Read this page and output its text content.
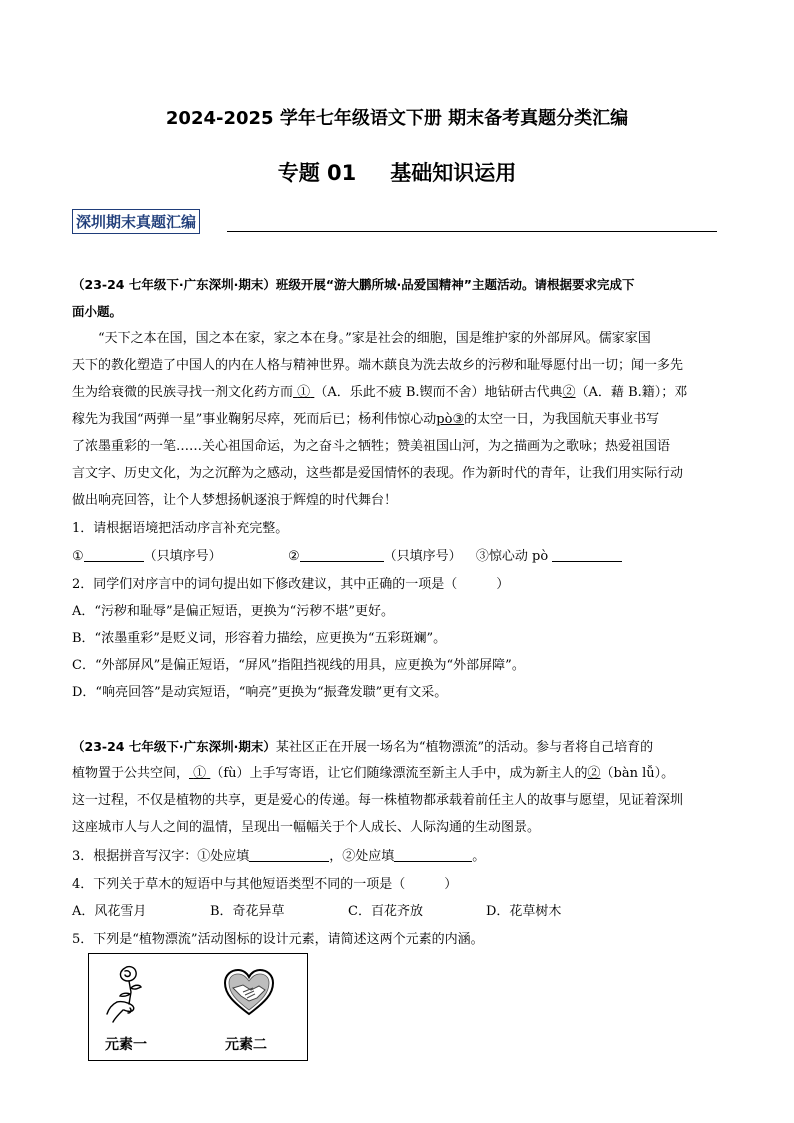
2024-2025 学年七年级语文下册 期末备考真题分类汇编
专题 01 基础知识运用
深圳期末真题汇编
（23-24 七年级下·广东深圳·期末）班级开展“游大鹏所城·品爱国精神”主题活动。请根据要求完成下
面小题。
　　“天下之本在国，国之本在家，家之本在身。”家是社会的细胞，国是维护家的外部屏风。儒家家国
天下的教化塑造了中国人的内在人格与精神世界。端木蕻良为洗去故乡的污秽和耻辱愿付出一切；闻一多先
生为给衰微的民族寻找一剂文化药方而 ① （A．乐此不疲 B.锲而不舍）地钻研古代典②（A．藉 B.籍）；邓
稼先为我国“两弹一星”事业鞠躬尽瘁，死而后已；杨利伟惊心动pò③的太空一日，为我国航天事业书写
了浓墨重彩的一笔……关心祖国命运，为之奋斗之牺牲；赞美祖国山河，为之描画为之歌咏；热爱祖国语
言文字、历史文化，为之沉醉为之感动，这些都是爱国情怀的表现。作为新时代的青年，让我们用实际行动
做出响亮回答，让个人梦想扬帆逐浪于辉煌的时代舞台！
1．请根据语境把活动序言补充完整。
①	（只填序号）	②	（只填序号） ③惊心动 pò
2．同学们对序言中的词句提出如下修改建议，其中正确的一项是（　　　）
A．“污秽和耻辱”是偏正短语，更换为“污秽不堪”更好。
B．“浓墨重彩”是贬义词，形容着力描绘，应更换为“五彩斑斓”。
C．“外部屏风”是偏正短语，“屏风”指阻挡视线的用具，应更换为“外部屏障”。
D．“响亮回答”是动宾短语，“响亮”更换为“振聋发聩”更有文采。
（23-24 七年级下·广东深圳·期末）某社区正在开展一场名为“植物漂流”的活动。参与者将自己培育的
植物置于公共空间， ① （fù）上手写寄语，让它们随缘漂流至新主人手中，成为新主人的②（bàn lǚ）。
这一过程，不仅是植物的共享，更是爱心的传递。每一株植物都承载着前任主人的故事与愿望，见证着深圳
这座城市人与人之间的温情，呈现出一幅幅关于个人成长、人际沟通的生动图景。
3．根据拼音写汉字：①处应填	，②处应填	。
4．下列关于草木的短语中与其他短语类型不同的一项是（　　　）
A．风花雪月	B．奇花异草	C．百花齐放	D．花草树木
5．下列是“植物漂流”活动图标的设计元素，请简述这两个元素的内涵。
元素一	元素二
